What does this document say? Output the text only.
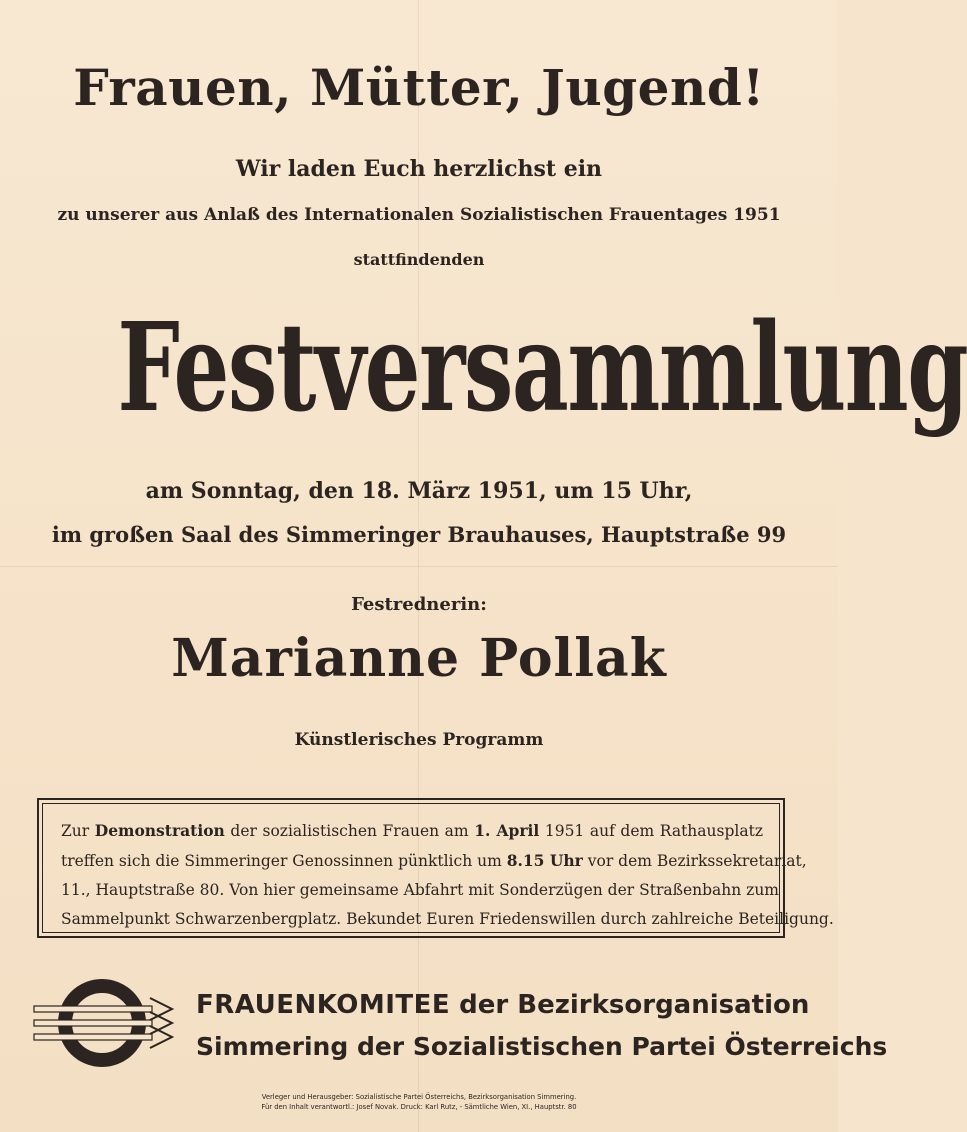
Frauen, Mütter, Jugend!
Wir laden Euch herzlichst ein
zu unserer aus Anlaß des Internationalen Sozialistischen Frauentages 1951
stattfindenden
Festversammlung
am Sonntag, den 18. März 1951, um 15 Uhr,
im großen Saal des Simmeringer Brauhauses, Hauptstraße 99
Festrednerin:
Marianne Pollak
Künstlerisches Programm
Zur Demonstration der sozialistischen Frauen am 1. April 1951 auf dem Rathausplatz
treffen sich die Simmeringer Genossinnen pünktlich um 8.15 Uhr vor dem Bezirkssekretariat,
11., Hauptstraße 80. Von hier gemeinsame Abfahrt mit Sonderzügen der Straßenbahn zum
Sammelpunkt Schwarzenbergplatz. Bekundet Euren Friedenswillen durch zahlreiche Beteiligung.
FRAUENKOMITEE der Bezirksorganisation
Simmering der Sozialistischen Partei Österreichs
Verleger und Herausgeber: Sozialistische Partei Österreichs, Bezirksorganisation Simmering.
Für den Inhalt verantwortl.: Josef Novak. Druck: Karl Rutz, - Sämtliche Wien, XI., Hauptstr. 80
